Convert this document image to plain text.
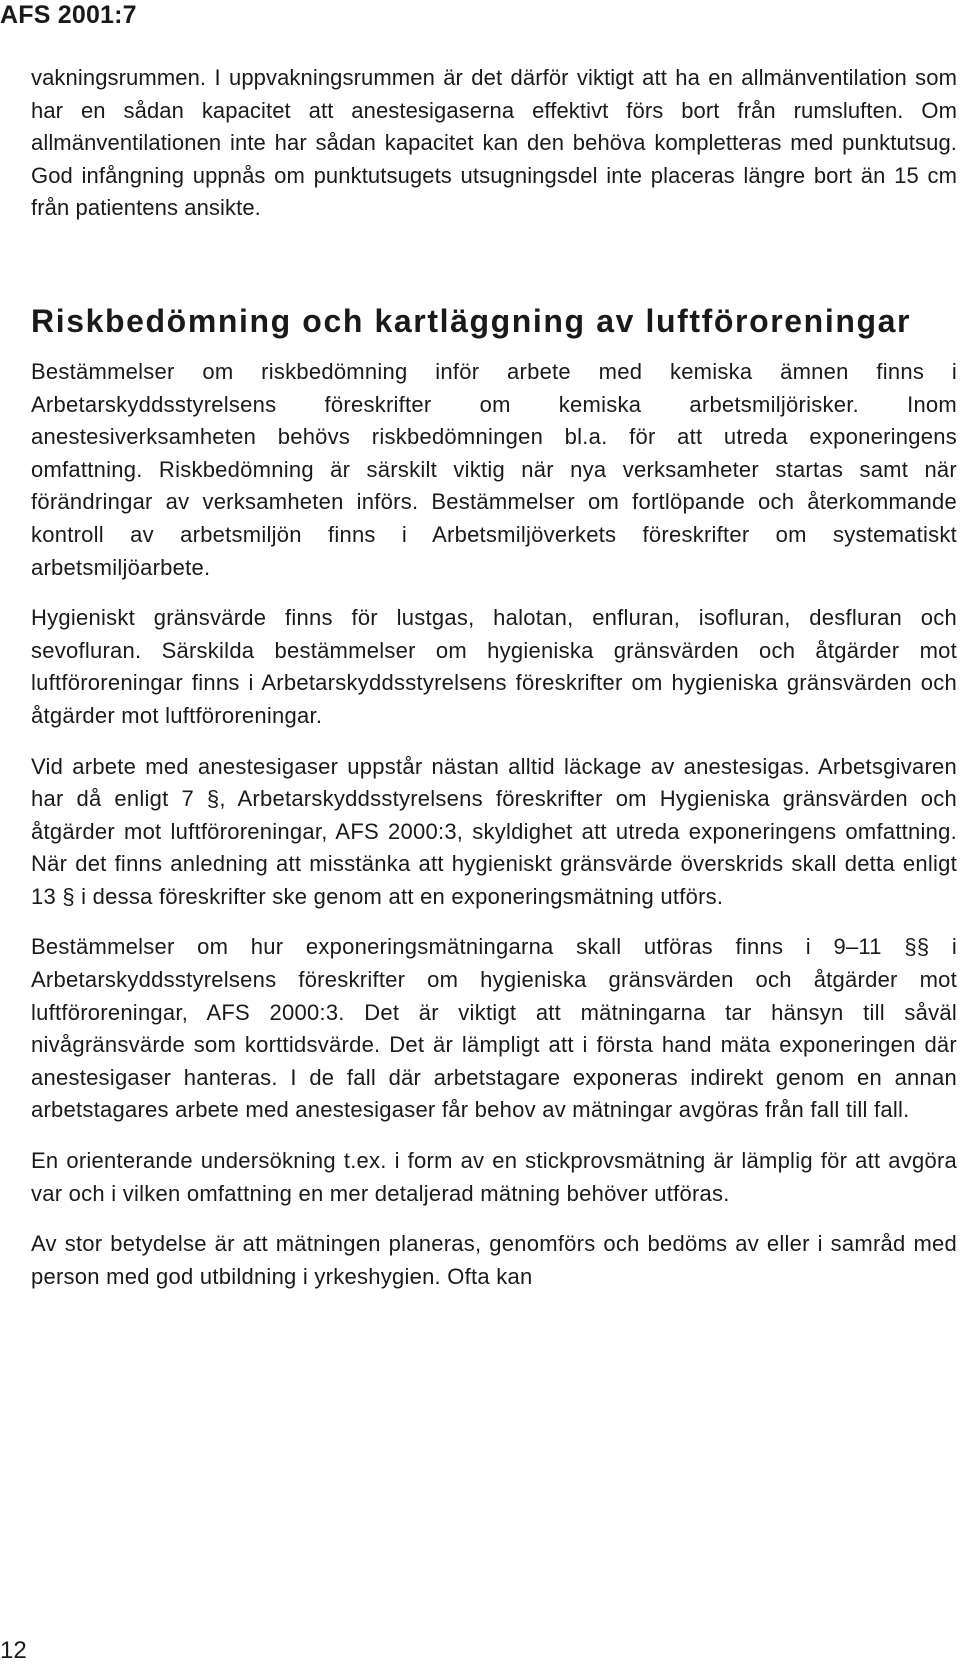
AFS 2001:7

vakningsrummen. I uppvakningsrummen är det därför viktigt att ha en allmänventilation som har en sådan kapacitet att anestesigaserna effektivt förs bort från rumsluften. Om allmänventilationen inte har sådan kapacitet kan den behöva kompletteras med punktutsug. God infångning uppnås om punktutsugets utsugningsdel inte placeras längre bort än 15 cm från patientens ansikte.

Riskbedömning och kartläggning av luftföroreningar

Bestämmelser om riskbedömning inför arbete med kemiska ämnen finns i Arbetarskyddsstyrelsens föreskrifter om kemiska arbetsmiljörisker. Inom anestesiverksamheten behövs riskbedömningen bl.a. för att utreda exponeringens omfattning. Riskbedömning är särskilt viktig när nya verksamheter startas samt när förändringar av verksamheten införs. Bestämmelser om fortlöpande och återkommande kontroll av arbetsmiljön finns i Arbetsmiljöverkets föreskrifter om systematiskt arbetsmiljöarbete.

Hygieniskt gränsvärde finns för lustgas, halotan, enfluran, isofluran, desfluran och sevofluran. Särskilda bestämmelser om hygieniska gränsvärden och åtgärder mot luftföroreningar finns i Arbetarskyddsstyrelsens föreskrifter om hygieniska gränsvärden och åtgärder mot luftföroreningar.

Vid arbete med anestesigaser uppstår nästan alltid läckage av anestesigas. Arbetsgivaren har då enligt 7 §, Arbetarskyddsstyrelsens föreskrifter om Hygieniska gränsvärden och åtgärder mot luftföroreningar, AFS 2000:3, skyldighet att utreda exponeringens omfattning. När det finns anledning att misstänka att hygieniskt gränsvärde överskrids skall detta enligt 13 § i dessa föreskrifter ske genom att en exponeringsmätning utförs.

Bestämmelser om hur exponeringsmätningarna skall utföras finns i 9–11 §§ i Arbetarskyddsstyrelsens föreskrifter om hygieniska gränsvärden och åtgärder mot luftföroreningar, AFS 2000:3. Det är viktigt att mätningarna tar hänsyn till såväl nivågränsvärde som korttidsvärde. Det är lämpligt att i första hand mäta exponeringen där anestesigaser hanteras. I de fall där arbetstagare exponeras indirekt genom en annan arbetstagares arbete med anestesigaser får behov av mätningar avgöras från fall till fall.

En orienterande undersökning t.ex. i form av en stickprovsmätning är lämplig för att avgöra var och i vilken omfattning en mer detaljerad mätning behöver utföras.

Av stor betydelse är att mätningen planeras, genomförs och bedöms av eller i samråd med person med god utbildning i yrkeshygien. Ofta kan

12
